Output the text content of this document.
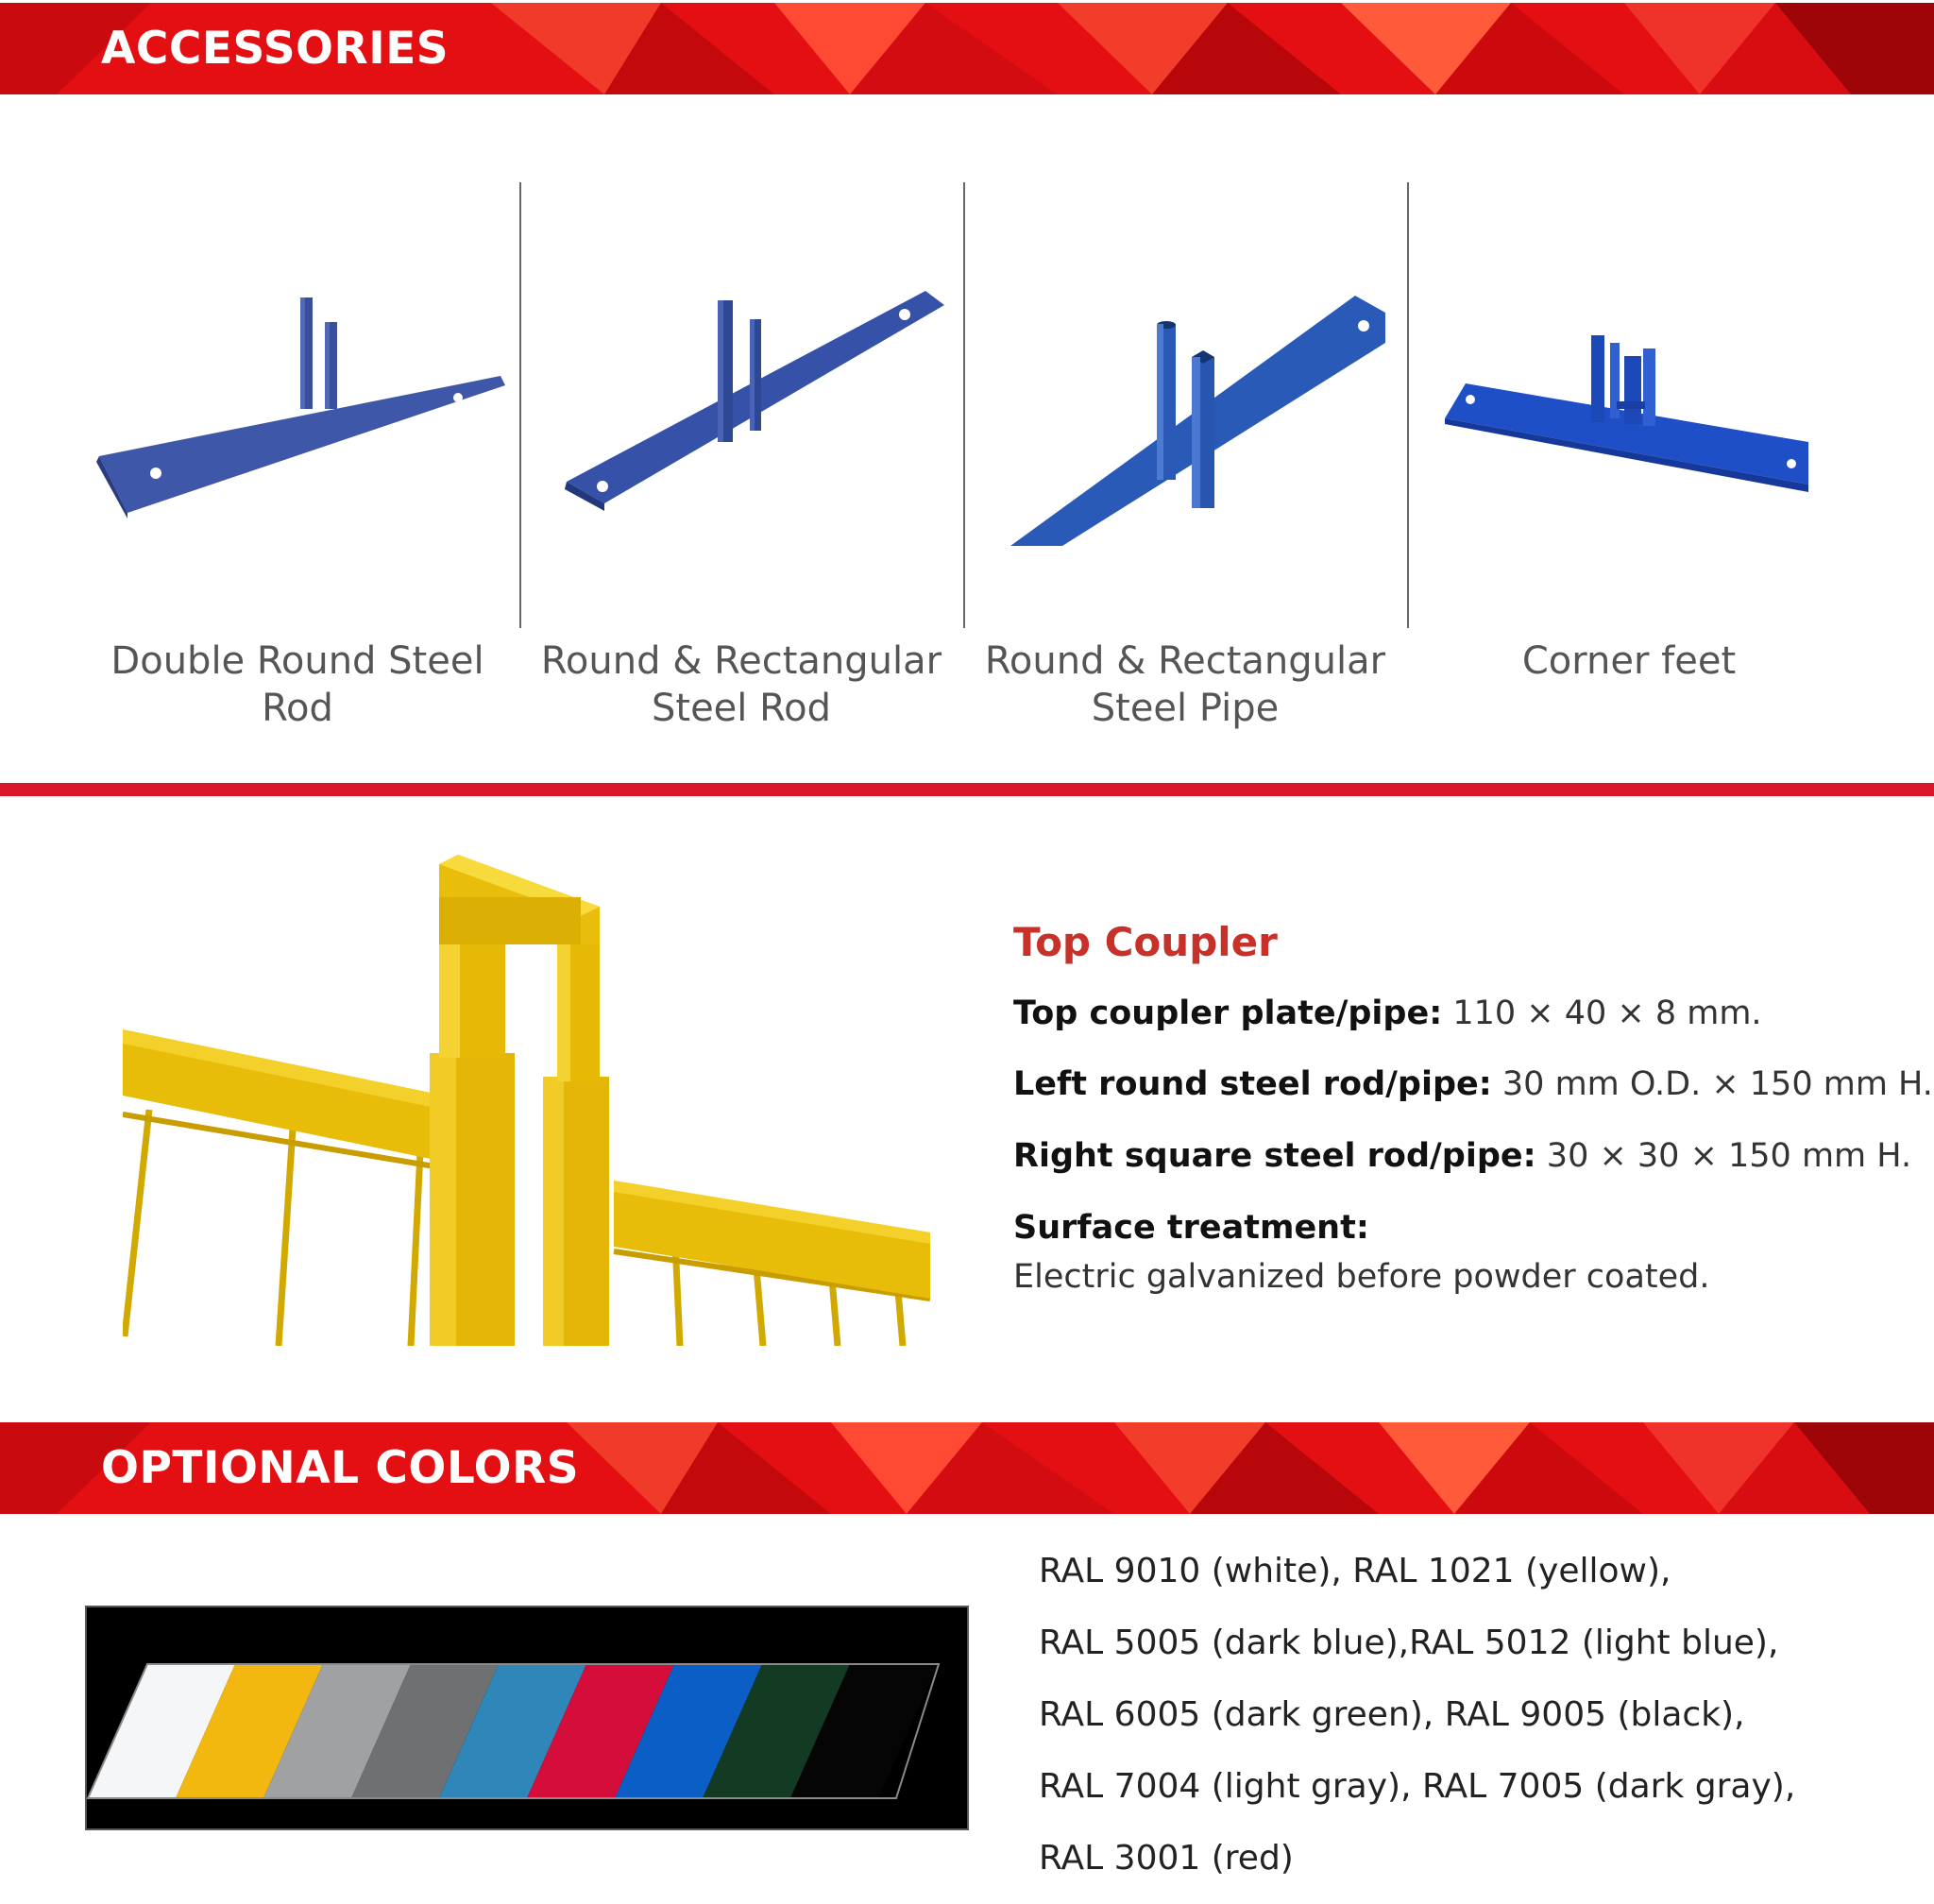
ACCESSORIES
Double Round Steel Rod
Round & Rectangular
Steel Rod
Round & Rectangular
Steel Pipe
Corner feet
Top Coupler
Top coupler plate/pipe: 110 × 40 × 8 mm.
Left round steel rod/pipe: 30 mm O.D. × 150 mm H.
Right square steel rod/pipe: 30 × 30 × 150 mm H.
Surface treatment:
Electric galvanized before powder coated.
OPTIONAL COLORS
RAL 9010 (white), RAL 1021 (yellow),
RAL 5005 (dark blue),RAL 5012 (light blue),
RAL 6005 (dark green), RAL 9005 (black),
RAL 7004 (light gray), RAL 7005 (dark gray),
RAL 3001 (red)
